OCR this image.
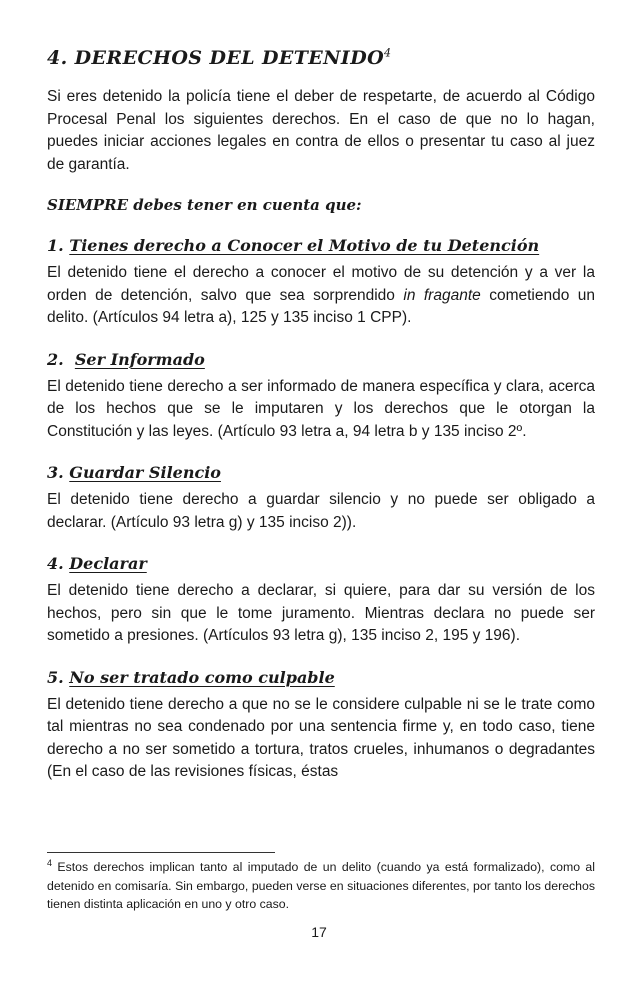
4. DERECHOS DEL DETENIDO$^4$

Si eres detenido la policía tiene el deber de respetarte, de acuerdo al Código Procesal Penal los siguientes derechos. En el caso de que no lo hagan, puedes iniciar acciones legales en contra de ellos o presentar tu caso al juez de garantía.

SIEMPRE debes tener en cuenta que:
1. Tienes derecho a Conocer el Motivo de tu Detención

El detenido tiene el derecho a conocer el motivo de su detención y a ver la orden de detención, salvo que sea sorprendido in fragante cometiendo un delito. (Artículos 94 letra a), 125 y 135 inciso 1 CPP).

2. Ser Informado

El detenido tiene derecho a ser informado de manera específica y clara, acerca de los hechos que se le imputaren y los derechos que le otorgan la Constitución y las leyes. (Artículo 93 letra a, 94 letra b y 135 inciso 2º.

3. Guardar Silencio

El detenido tiene derecho a guardar silencio y no puede ser obligado a declarar. (Artículo 93 letra g) y 135 inciso 2)).

4. Declarar

El detenido tiene derecho a declarar, si quiere, para dar su versión de los hechos, pero sin que le tome juramento. Mientras declara no puede ser sometido a presiones. (Artículos 93 letra g), 135 inciso 2, 195 y 196).

5. No ser tratado como culpable

El detenido tiene derecho a que no se le considere culpable ni se le trate como tal mientras no sea condenado por una sentencia firme y, en todo caso, tiene derecho a no ser sometido a tortura, tratos crueles, inhumanos o degradantes (En el caso de las revisiones físicas, éstas

$^4$ Estos derechos implican tanto al imputado de un delito (cuando ya está formalizado), como al detenido en comisaría. Sin embargo, pueden verse en situaciones diferentes, por tanto los derechos tienen distinta aplicación en uno y otro caso.

17
